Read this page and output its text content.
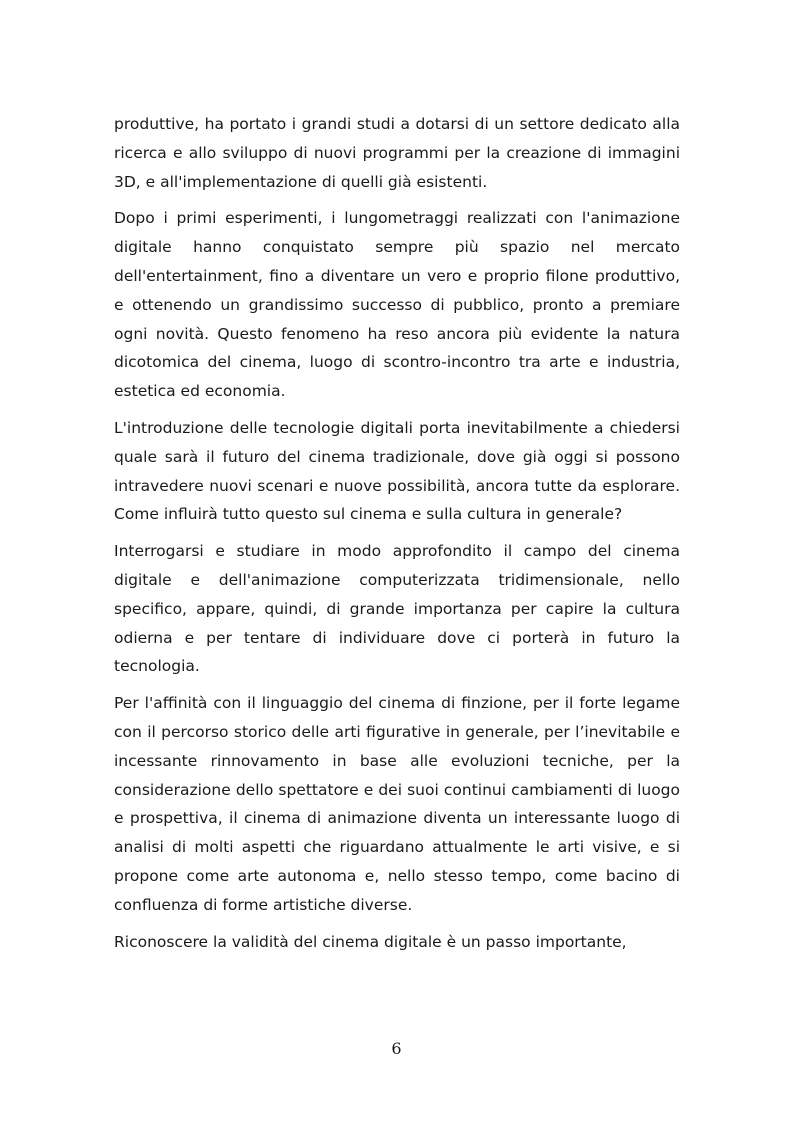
produttive, ha portato i grandi studi a dotarsi di un settore dedicato alla ricerca e allo sviluppo di nuovi programmi per la creazione di immagini 3D, e all'implementazione di quelli già esistenti.

Dopo i primi esperimenti, i lungometraggi realizzati con l'animazione digitale hanno conquistato sempre più spazio nel mercato dell'entertainment, fino a diventare un vero e proprio filone produttivo, e ottenendo un grandissimo successo di pubblico, pronto a premiare ogni novità. Questo fenomeno ha reso ancora più evidente la natura dicotomica del cinema, luogo di scontro-incontro tra arte e industria, estetica ed economia.

L'introduzione delle tecnologie digitali porta inevitabilmente a chiedersi quale sarà il futuro del cinema tradizionale, dove già oggi si possono intravedere nuovi scenari e nuove possibilità, ancora tutte da esplorare. Come influirà tutto questo sul cinema e sulla cultura in generale?

Interrogarsi e studiare in modo approfondito il campo del cinema digitale e dell'animazione computerizzata tridimensionale, nello specifico, appare, quindi, di grande importanza per capire la cultura odierna e per tentare di individuare dove ci porterà in futuro la tecnologia.

Per l'affinità con il linguaggio del cinema di finzione, per il forte legame con il percorso storico delle arti figurative in generale, per l’inevitabile e incessante rinnovamento in base alle evoluzioni tecniche, per la considerazione dello spettatore e dei suoi continui cambiamenti di luogo e prospettiva, il cinema di animazione diventa un interessante luogo di analisi di molti aspetti che riguardano attualmente le arti visive, e si propone come arte autonoma e, nello stesso tempo, come bacino di confluenza di forme artistiche diverse.

Riconoscere la validità del cinema digitale è un passo importante,

6
